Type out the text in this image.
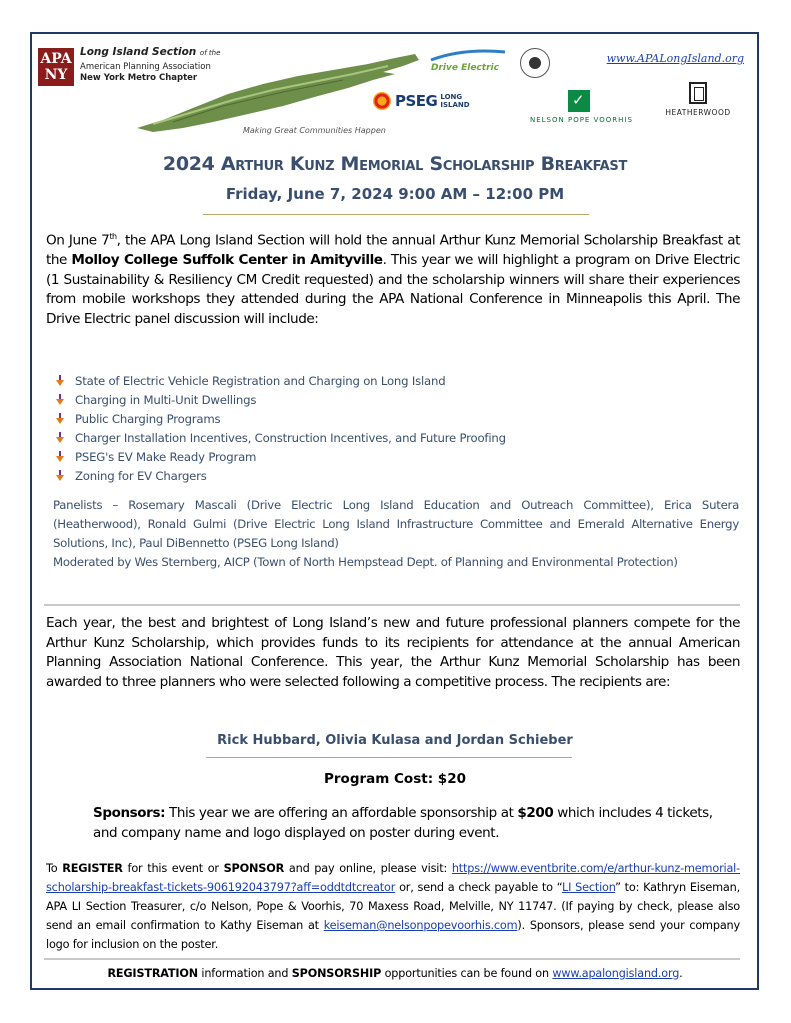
APA NY
Long Island Section of the
American Planning Association
New York Metro Chapter
Making Great Communities Happen
Drive Electric
PSEG LONG
ISLAND
✓
NELSON POPE VOORHIS
HEATHERWOOD
www.APALongIsland.org
2024 Arthur Kunz Memorial Scholarship Breakfast
Friday, June 7, 2024 9:00 AM – 12:00 PM
On June 7th, the APA Long Island Section will hold the annual Arthur Kunz Memorial Scholarship Breakfast at the Molloy College Suffolk Center in Amityville. This year we will highlight a program on Drive Electric (1 Sustainability & Resiliency CM Credit requested) and the scholarship winners will share their experiences from mobile workshops they attended during the APA National Conference in Minneapolis this April. The Drive Electric panel discussion will include:
State of Electric Vehicle Registration and Charging on Long Island
Charging in Multi-Unit Dwellings
Public Charging Programs
Charger Installation Incentives, Construction Incentives, and Future Proofing
PSEG's EV Make Ready Program
Zoning for EV Chargers

Panelists – Rosemary Mascali (Drive Electric Long Island Education and Outreach Committee), Erica Sutera (Heatherwood), Ronald Gulmi (Drive Electric Long Island Infrastructure Committee and Emerald Alternative Energy Solutions, Inc), Paul DiBennetto (PSEG Long Island)

Moderated by Wes Sternberg, AICP (Town of North Hempstead Dept. of Planning and Environmental Protection)

Each year, the best and brightest of Long Island’s new and future professional planners compete for the Arthur Kunz Scholarship, which provides funds to its recipients for attendance at the annual American Planning Association National Conference. This year, the Arthur Kunz Memorial Scholarship has been awarded to three planners who were selected following a competitive process. The recipients are:
Rick Hubbard, Olivia Kulasa and Jordan Schieber
Program Cost: $20
Sponsors: This year we are offering an affordable sponsorship at $200 which includes 4 tickets, and company name and logo displayed on poster during event.
To REGISTER for this event or SPONSOR and pay online, please visit: https://www.eventbrite.com/e/arthur-kunz-memorial-scholarship-breakfast-tickets-906192043797?aff=oddtdtcreator or, send a check payable to “LI Section” to: Kathryn Eiseman, APA LI Section Treasurer, c/o Nelson, Pope & Voorhis, 70 Maxess Road, Melville, NY 11747. (If paying by check, please also send an email confirmation to Kathy Eiseman at keiseman@nelsonpopevoorhis.com). Sponsors, please send your company logo for inclusion on the poster.
REGISTRATION information and SPONSORSHIP opportunities can be found on www.apalongisland.org.
